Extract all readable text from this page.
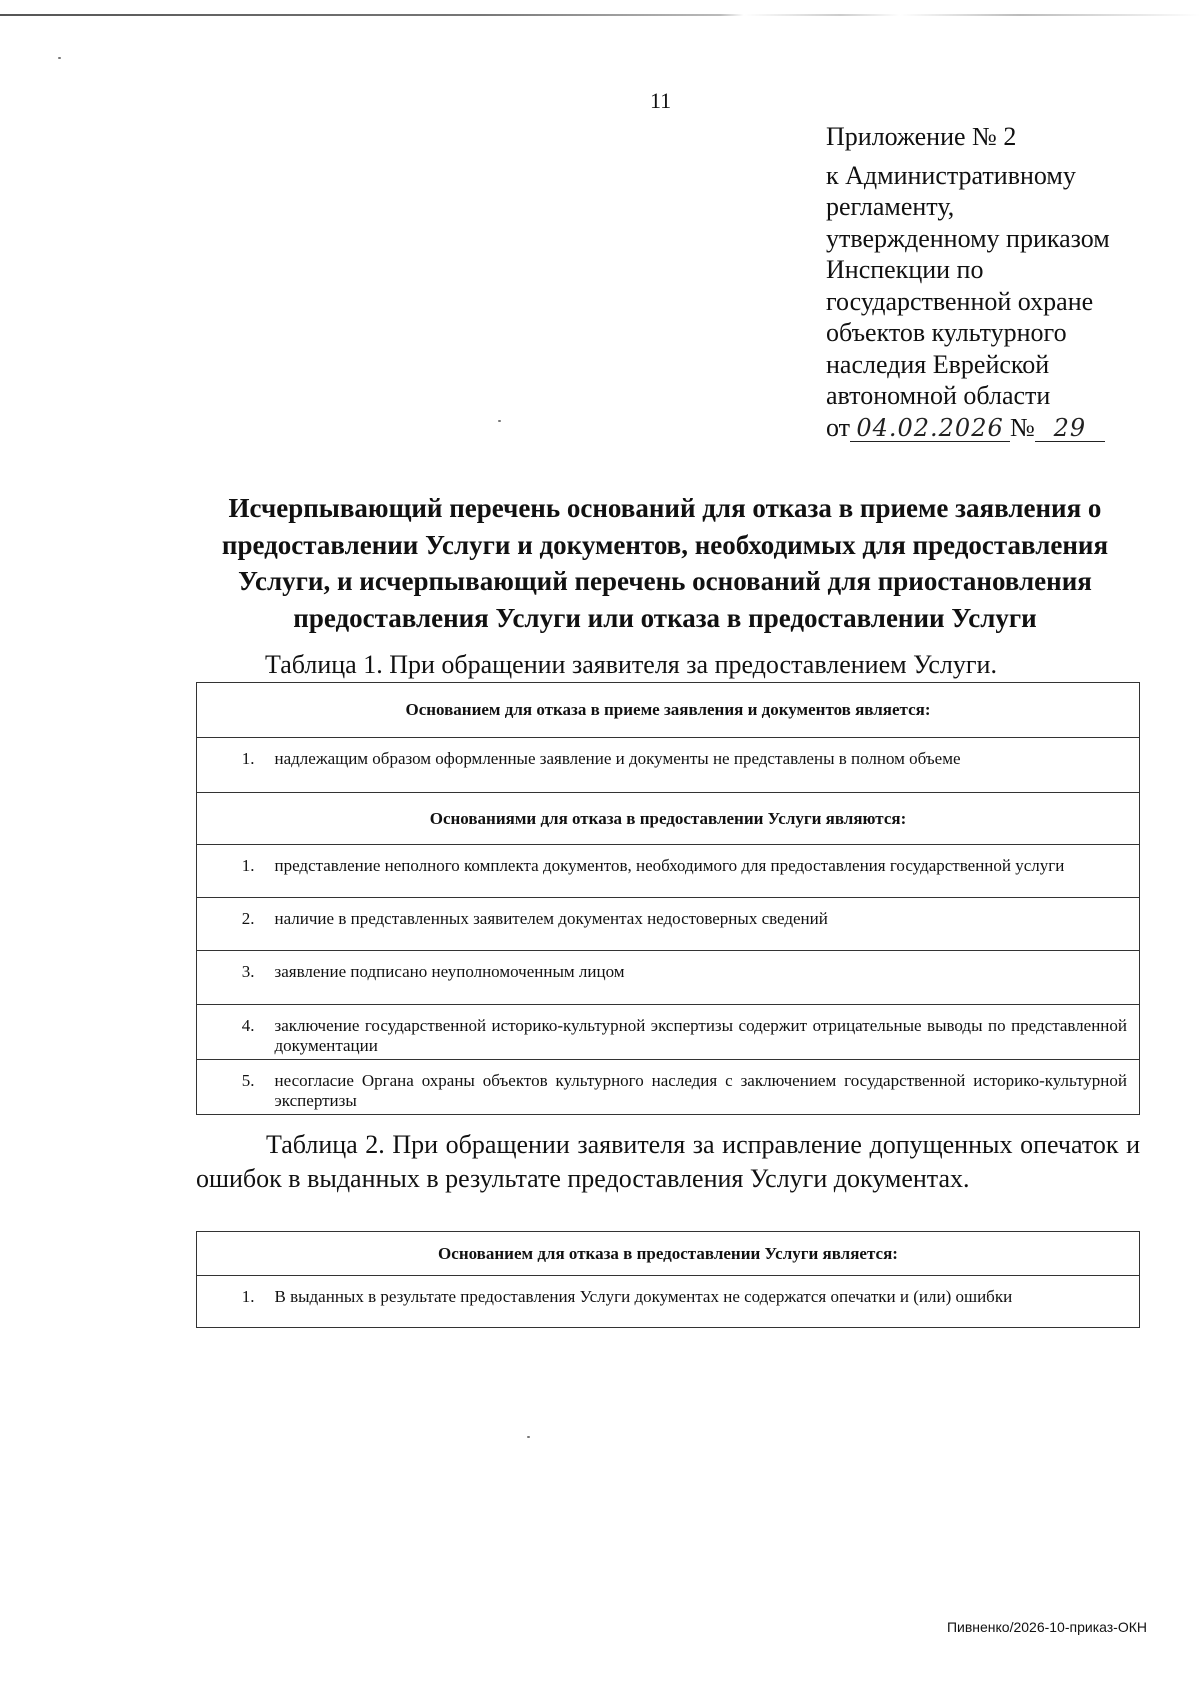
11
Приложение № 2
к Административному
регламенту,
утвержденному приказом
Инспекции по
государственной охране
объектов культурного
наследия Еврейской
автономной области
от 04.02.2026 № 29
Исчерпывающий перечень оснований для отказа в приеме заявления о предоставлении Услуги и документов, необходимых для предоставления Услуги, и исчерпывающий перечень оснований для приостановления предоставления Услуги или отказа в предоставлении Услуги
Таблица 1. При обращении заявителя за предоставлением Услуги.
Основанием для отказа в приеме заявления и документов является:	
1.	надлежащим образом оформленные заявление и документы не представлены в полном объеме
Основаниями для отказа в предоставлении Услуги являются:	
1.	представление неполного комплекта документов, необходимого для предоставления государственной услуги
2.	наличие в представленных заявителем документах недостоверных сведений
3.	заявление подписано неуполномоченным лицом
4.	заключение государственной историко-культурной экспертизы содержит отрицательные выводы по представленной документации
5.	несогласие Органа охраны объектов культурного наследия с заключением государственной историко-культурной экспертизы
Таблица 2. При обращении заявителя за исправление допущенных опечаток и ошибок в выданных в результате предоставления Услуги документах.
Основанием для отказа в предоставлении Услуги является:
1.	В выданных в результате предоставления Услуги документах не содержатся опечатки и (или) ошибки
Пивненко/2026-10-приказ-ОКН
